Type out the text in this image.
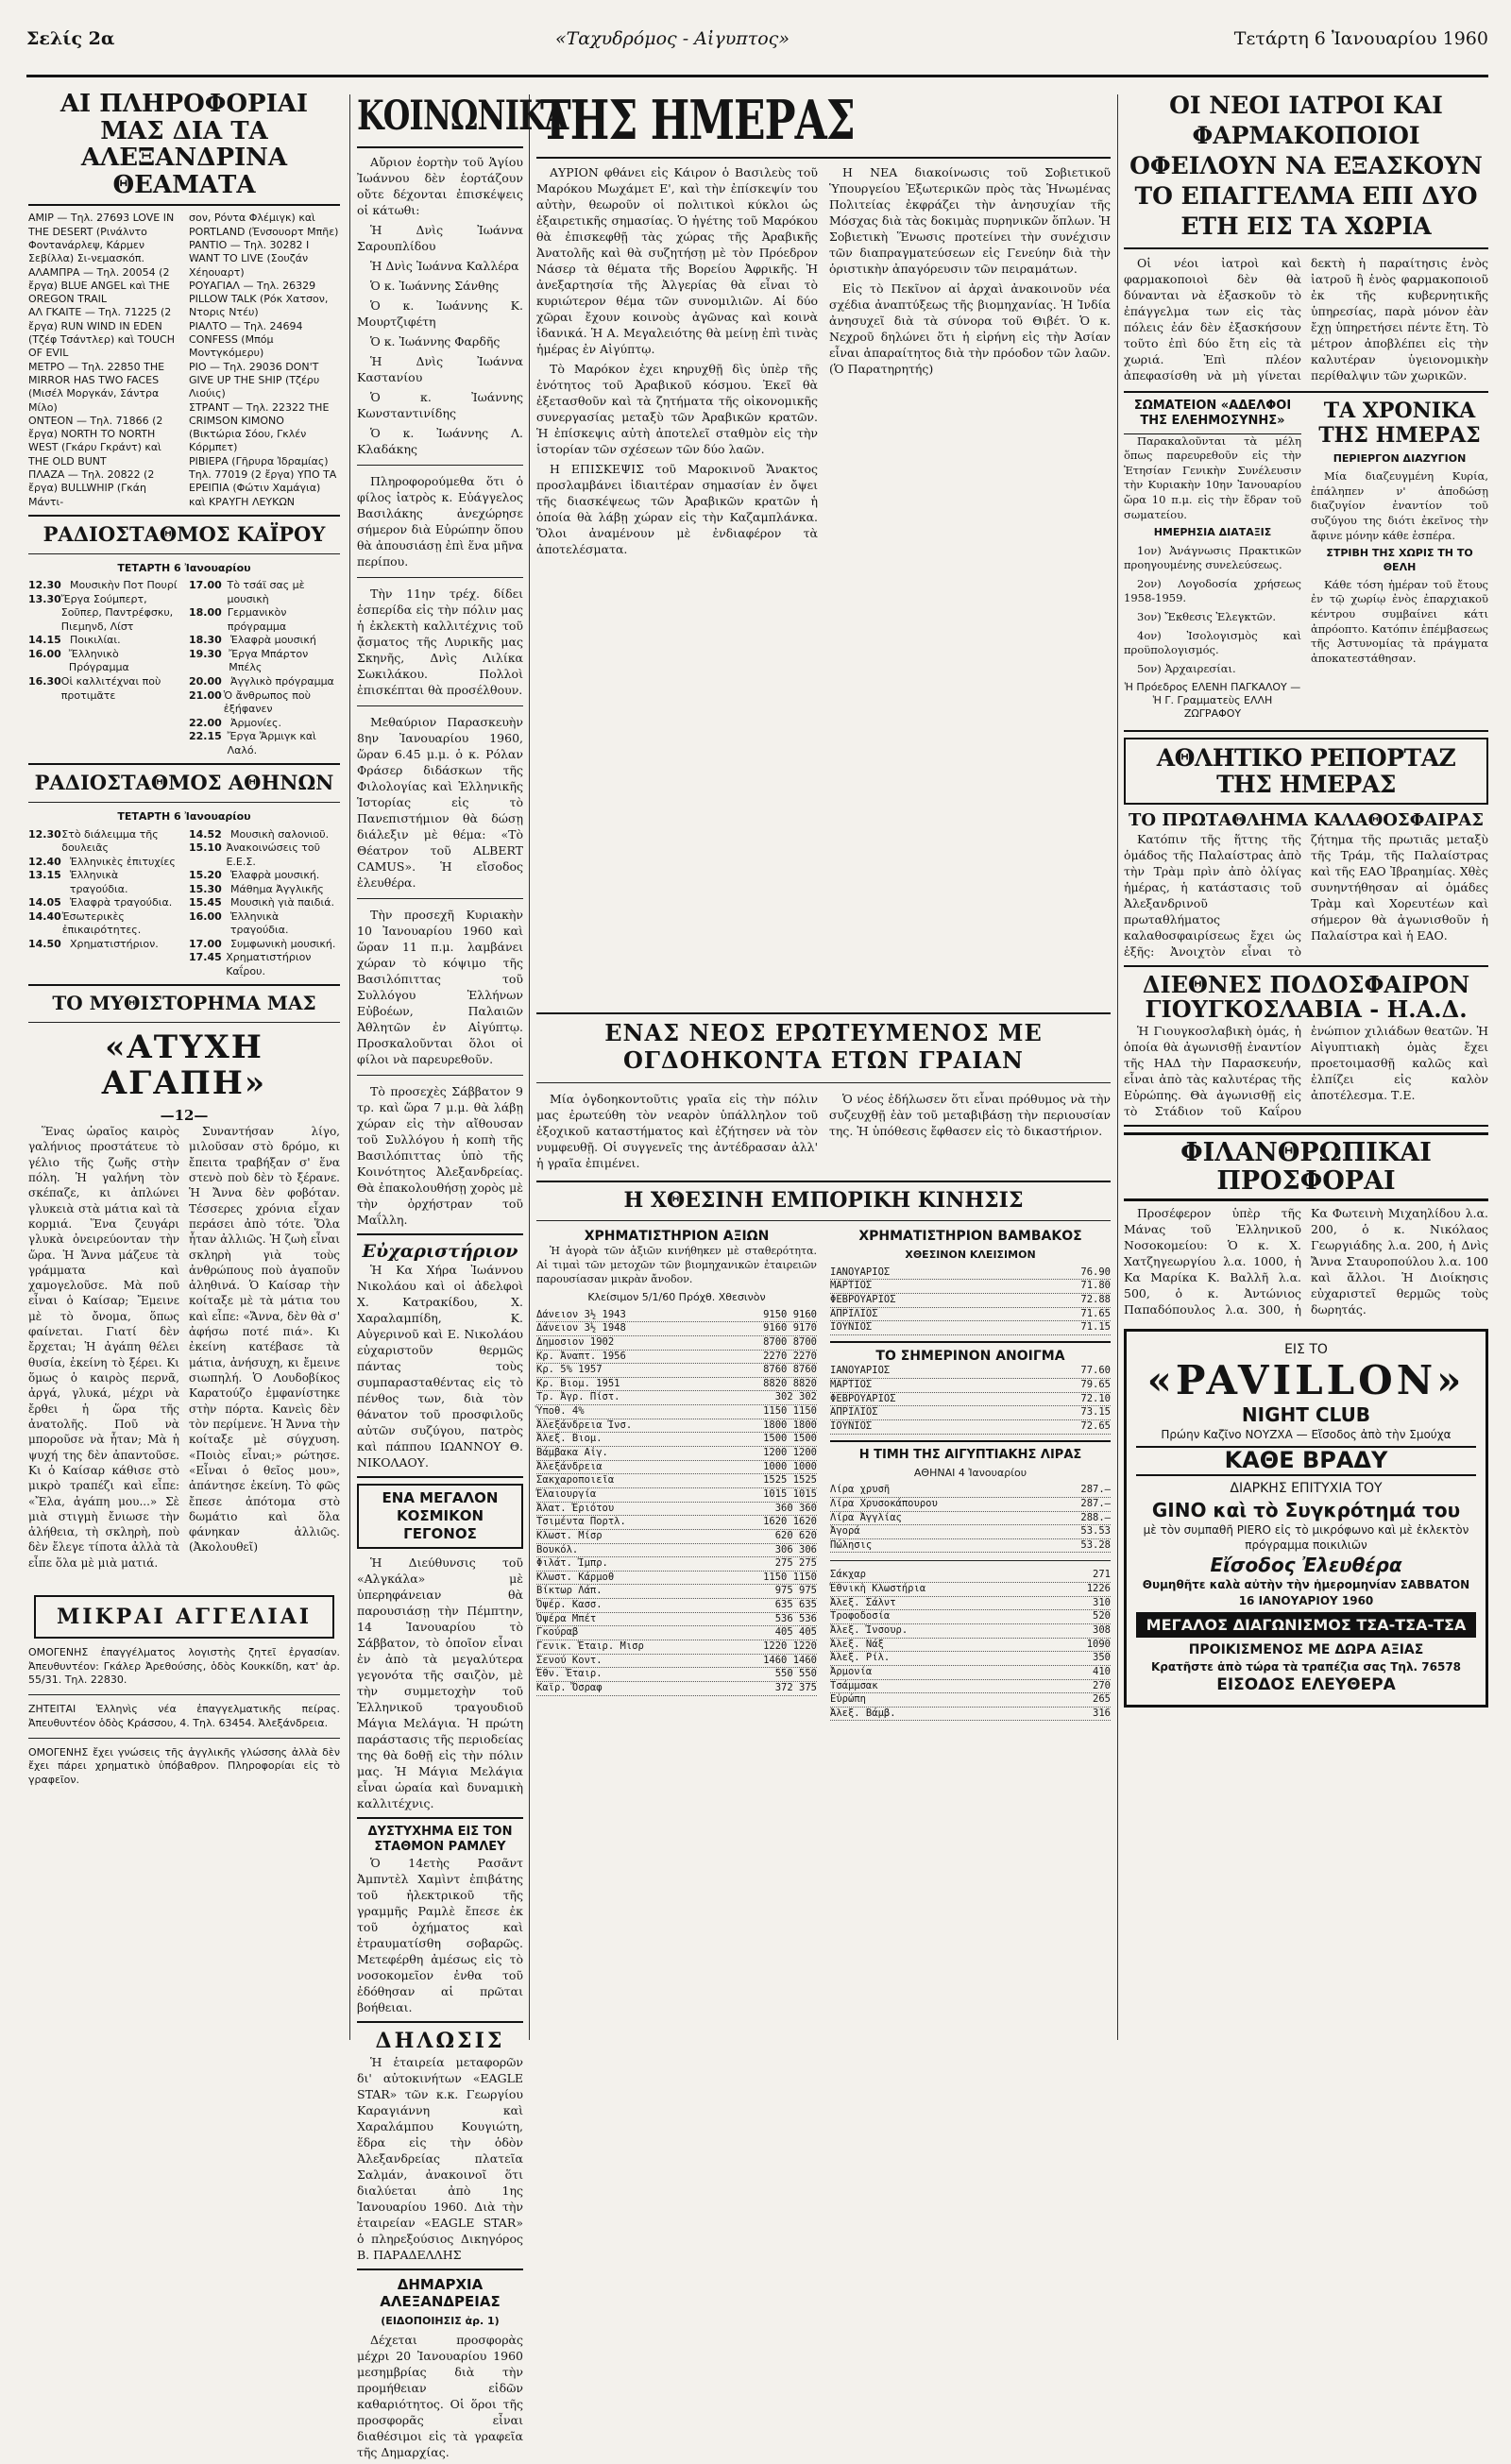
Σελίς 2α	«Ταχυδρόμος - Αἰγυπτος»	Τετάρτη 6 Ἰανουαρίου 1960
ΑΙ ΠΛΗΡΟΦΟΡΙΑΙ ΜΑΣ ΔΙΑ ΤΑ ΑΛΕΞΑΝΔΡΙΝΑ ΘΕΑΜΑΤΑ

ΑΜΙΡ — Τηλ. 27693 LOVE IN THE DESERT (Ρινάλντο Φοντανάρλεψ, Κάρμεν Σεβίλλα) Σι-νεμασκόπ.

ΑΛΑΜΠΡΑ — Τηλ. 20054 (2 ἔργα) BLUE ANGEL καὶ THE OREGON TRAIL

ΑΛ ΓΚΑΙΤΕ — Τηλ. 71225 (2 ἔργα) RUN WIND IN EDEN (Τζέφ Τσάντλερ) καὶ TOUCH OF EVIL

ΜΕΤΡΟ — Τηλ. 22850 THE MIRROR HAS TWO FACES (Μισέλ Μοργκάν, Σάντρα Μίλο)

ΟΝΤΕΟΝ — Τηλ. 71866 (2 ἔργα) NORTH TO NORTH WEST (Γκάρυ Γκράντ) καὶ THE OLD BUNT

ΠΛΑΖΑ — Τηλ. 20822 (2 ἔργα) BULLWHIP (Γκάη Μάντι-

σον, Ρόντα Φλέμιγκ) καὶ PORTLAND (Ἐνσουορτ Μπῆε)

PANTIO — Τηλ. 30282 I WANT TO LIVE (Σουζάν Χέηουαρτ)

ΡΟΥΑΓΙΑΛ — Τηλ. 26329 PILLOW TALK (Ρόκ Χατσον, Ντορις Ντέυ)

ΡΙΑΛΤΟ — Τηλ. 24694 CONFESS (Μπόμ Μοντγκόμερυ)

ΡΙΟ — Τηλ. 29036 DON'T GIVE UP THE SHIP (Τζέρυ Λιούις)

ΣΤΡΑΝΤ — Τηλ. 22322 THE CRIMSON KIMONO (Βικτώρια Σόου, Γκλέν Κόρμπετ)

ΡΙΒΙΕΡΑ (Γῆρυρα Ἰδραμίας) Τηλ. 77019 (2 ἔργα) ΥΠΟ ΤΑ ΕΡΕΙΠΙΑ (Φώτιν Χαμάγια) καὶ ΚΡΑΥΓΗ ΛΕΥΚΩΝ

ΡΑΔΙΟΣΤΑΘΜΟΣ ΚΑΪΡΟΥ
ΤΕΤΑΡΤΗ 6 Ἰανουαρίου
12.30 Μουσικὴν Ποτ Πουρί
13.30 Ἔργα Σούμπερτ, Σοῦπερ, Παντρέφσκυ, Πιεμηνδ, Λίστ
14.15 Ποικιλίαι.
16.00 Ἔλληνικὸ Πρόγραμμα
16.30 Οἱ καλλιτέχναι ποὺ προτιμᾶτε
17.00 Τὸ τσάϊ σας μὲ μουσικὴ
18.00 Γερμανικὸν πρόγραμμα
18.30 Ἑλαφρὰ μουσική
19.30 Ἔργα Μπάρτον Μπέλς
20.00 Ἀγγλικὸ πρόγραμμα
21.00 Ὁ ἄνθρωπος ποὺ ἐξήφανεν
22.00 Ἀρμονίες.
22.15 Ἔργα Ἄρμιγκ καὶ Λαλό.
ΡΑΔΙΟΣΤΑΘΜΟΣ ΑΘΗΝΩΝ
ΤΕΤΑΡΤΗ 6 Ἰανουαρίου
12.30 Στὸ διάλειμμα τῆς δουλειᾶς
12.40 Ἐλληνικὲς ἐπιτυχίες
13.15 Ἑλληνικὰ τραγούδια.
14.05 Ἑλαφρὰ τραγούδια.
14.40 Ἐσωτερικὲς ἐπικαιρότητες.
14.50 Χρηματιστήριον.
14.52 Μουσικὴ σαλονιοῦ.
15.10 Ἀνακοινώσεις τοῦ Ε.Ε.Σ.
15.20 Ἑλαφρὰ μουσική.
15.30 Μάθημα Ἀγγλικῆς
15.45 Μουσικὴ γιὰ παιδιά.
16.00 Ἑλληνικὰ τραγούδια.
17.00 Συμφωνικὴ μουσική.
17.45 Χρηματιστήριον Καΐρου.
ΤΟ ΜΥΘΙΣΤΟΡΗΜΑ ΜΑΣ
«ΑΤΥΧΗ ΑΓΑΠΗ»
—12—

Ἕνας ὡραῖος καιρὸς γαλήνιος προστάτευε τὸ γέλιο τῆς ζωῆς στὴν πόλη. Ἡ γαλήνη τὸν σκέπαζε, κι ἀπλώνει γλυκειὰ στὰ μάτια καὶ τὰ κορμιά. Ἕνα ζευγάρι γλυκὰ ὀνειρεύονταν τὴν ὥρα. Ἡ Ἄννα μάζευε τὰ γράμματα καὶ χαμογελοῦσε. Μὰ ποῦ εἶναι ὁ Καίσαρ; Ἔμεινε μὲ τὸ ὄνομα, ὅπως φαίνεται. Γιατί δὲν ἔρχεται; Ἡ ἀγάπη θέλει θυσία, ἐκείνη τὸ ξέρει. Κι ὅμως ὁ καιρὸς περνᾶ, ἀργά, γλυκά, μέχρι νὰ ἔρθει ἡ ὥρα τῆς ἀνατολῆς. Ποῦ νὰ μποροῦσε νὰ ἦταν; Μὰ ἡ ψυχή της δὲν ἀπαντοῦσε. Κι ὁ Καίσαρ κάθισε στὸ μικρὸ τραπέζι καὶ εἶπε: «Ἔλα, ἀγάπη μου...» Σὲ μιὰ στιγμὴ ἔνιωσε τὴν ἀλήθεια, τὴ σκληρὴ, ποὺ δὲν ἔλεγε τίποτα ἀλλὰ τὰ εἶπε ὅλα μὲ μιὰ ματιά.

Συναντήσαν λίγο, μιλοῦσαν στὸ δρόμο, κι ἔπειτα τραβήξαν σ' ἕνα στενὸ ποὺ δὲν τὸ ξέρανε. Ἡ Ἄννα δὲν φοβόταν. Τέσσερες χρόνια εἶχαν περάσει ἀπὸ τότε. Ὅλα ἦταν ἀλλιῶς. Ἡ ζωὴ εἶναι σκληρὴ γιὰ τοὺς ἀνθρώπους ποὺ ἀγαποῦν ἀληθινά. Ὁ Καίσαρ τὴν κοίταξε μὲ τὰ μάτια του καὶ εἶπε: «Ἄννα, δὲν θὰ σ' ἀφήσω ποτέ πιά». Κι ἐκείνη κατέβασε τὰ μάτια, ἀνήσυχη, κι ἔμεινε σιωπηλή. Ὁ Λουδοβίκος Καρατούζο ἐμφανίστηκε στὴν πόρτα. Κανεὶς δὲν τὸν περίμενε. Ἡ Ἄννα τὴν κοίταξε μὲ σύγχυση. «Ποιὸς εἶναι;» ρώτησε. «Εἶναι ὁ θεῖος μου», ἀπάντησε ἐκείνη. Τὸ φῶς ἔπεσε ἀπότομα στὸ δωμάτιο καὶ ὅλα φάνηκαν ἀλλιῶς. (Ἀκολουθεῖ)

ΜΙΚΡΑΙ ΑΓΓΕΛΙΑΙ

ΟΜΟΓΕΝΗΣ ἐπαγγέλματος λογιστὴς ζητεῖ ἐργασίαν. Ἀπευθυντέον: Γκάλερ Ἀρεθούσης, ὁδὸς Κουκκίδη, κατ' ἀρ. 55/31. Τηλ. 22830.

ΖΗΤΕΙΤΑΙ Ἑλληνὶς νέα ἐπαγγελματικῆς πείρας. Ἀπευθυντέον ὁδὸς Κράσσου, 4. Τηλ. 63454. Ἀλεξάνδρεια.

ΟΜΟΓΕΝΗΣ ἔχει γνώσεις τῆς ἀγγλικῆς γλώσσης ἀλλὰ δὲν ἔχει πάρει χρηματικὸ ὑπόβαθρον. Πληροφορίαι εἰς τὸ γραφεῖον.

ΚΟΙΝΩΝΙΚΑ

Αὔριον ἑορτὴν τοῦ Ἁγίου Ἰωάννου δὲν ἑορτάζουν οὔτε δέχονται ἐπισκέψεις οἱ κάτωθι:

Ἡ Δνὶς Ἰωάννα Σαρουπλίδου

Ἡ Δνὶς Ἰωάννα Καλλέρα

Ὁ κ. Ἰωάννης Σάνθης

Ὁ κ. Ἰωάννης Κ. Μουρτζιφέτη

Ὁ κ. Ἰωάννης Φαρδῆς

Ἡ Δνὶς Ἰωάννα Καστανίου

Ὁ κ. Ἰωάννης Κωνσταντινίδης

Ὁ κ. Ἰωάννης Λ. Κλαδάκης

Πληροφορούμεθα ὅτι ὁ φίλος ἰατρὸς κ. Εὐάγγελος Βασιλάκης ἀνεχώρησε σήμερον διὰ Εὐρώπην ὅπου θὰ ἀπουσιάσῃ ἐπὶ ἕνα μῆνα περίπου.

Τὴν 11ην τρέχ. δίδει ἑσπερίδα εἰς τὴν πόλιν μας ἡ ἐκλεκτὴ καλλιτέχνις τοῦ ᾄσματος τῆς Λυρικῆς μας Σκηνῆς, Δνὶς Λιλίκα Σωκιλάκου. Πολλοὶ ἐπισκέπται θὰ προσέλθουν.

Μεθαύριον Παρασκευὴν 8ην Ἰανουαρίου 1960, ὥραν 6.45 μ.μ. ὁ κ. Ρόλαν Φράσερ διδάσκων τῆς Φιλολογίας καὶ Ἑλληνικῆς Ἱστορίας εἰς τὸ Πανεπιστήμιον θὰ δώσῃ διάλεξιν μὲ θέμα: «Τὸ Θέατρον τοῦ ALBERT CAMUS». Ἡ εἴσοδος ἐλευθέρα.

Τὴν προσεχῆ Κυριακὴν 10 Ἰανουαρίου 1960 καὶ ὥραν 11 π.μ. λαμβάνει χώραν τὸ κόψιμο τῆς Βασιλόπιττας τοῦ Συλλόγου Ἑλλήνων Εὐβοέων, Παλαιῶν Ἀθλητῶν ἐν Αἰγύπτῳ. Προσκαλοῦνται ὅλοι οἱ φίλοι νὰ παρευρεθοῦν.

Τὸ προσεχὲς Σάββατον 9 τρ. καὶ ὥρα 7 μ.μ. θὰ λάβῃ χώραν εἰς τὴν αἴθουσαν τοῦ Συλλόγου ἡ κοπὴ τῆς Βασιλόπιττας ὑπὸ τῆς Κοινότητος Ἀλεξανδρείας. Θὰ ἐπακολουθήσῃ χορὸς μὲ τὴν ὀρχήστραν τοῦ Μαΐλλη.

Εὐχαριστήριον

Ἡ Κα Χήρα Ἰωάννου Νικολάου καὶ οἱ ἀδελφοὶ Χ. Κατρακίδου, Χ. Χαραλαμπίδη, Κ. Αὐγερινοῦ καὶ Ε. Νικολάου εὐχαριστοῦν θερμῶς πάντας τοὺς συμπαρασταθέντας εἰς τὸ πένθος των, διὰ τὸν θάνατον τοῦ προσφιλοῦς αὐτῶν συζύγου, πατρὸς καὶ πάππου ΙΩΑΝΝΟΥ Θ. ΝΙΚΟΛΑΟΥ.

ΕΝΑ ΜΕΓΑΛΟΝ ΚΟΣΜΙΚΟΝ ΓΕΓΟΝΟΣ

Ἡ Διεύθυνσις τοῦ «Αλγκάλα» μὲ ὑπερηφάνειαν θὰ παρουσιάσῃ τὴν Πέμπτην, 14 Ἰανουαρίου τὸ Σάββατον, τὸ ὁποῖον εἶναι ἐν ἀπὸ τὰ μεγαλύτερα γεγονότα τῆς σαιζὸν, μὲ τὴν συμμετοχὴν τοῦ Ἑλληνικοῦ τραγουδιοῦ Μάγια Μελάγια. Ἡ πρώτη παράστασις τῆς περιοδείας της θὰ δοθῇ εἰς τὴν πόλιν μας. Ἡ Μάγια Μελάγια εἶναι ὡραία καὶ δυναμικὴ καλλιτέχνις.

ΔΥΣΤΥΧΗΜΑ ΕΙΣ ΤΟΝ ΣΤΑΘΜΟΝ ΡΑΜΛΕΥ

Ὁ 14ετὴς Ρασᾶντ Ἀμπντὲλ Χαμὶντ ἐπιβάτης τοῦ ἠλεκτρικοῦ τῆς γραμμῆς Ραμλὲ ἔπεσε ἐκ τοῦ ὀχήματος καὶ ἐτραυματίσθη σοβαρῶς. Μετεφέρθη ἀμέσως εἰς τὸ νοσοκομεῖον ἐνθα τοῦ ἐδόθησαν αἱ πρῶται βοήθειαι.

ΔΗΛΩΣΙΣ

Ἡ ἑταιρεία μεταφορῶν δι' αὐτοκινήτων «EAGLE STAR» τῶν κ.κ. Γεωργίου Καραγιάννη καὶ Χαραλάμπου Κουγιώτη, ἕδρα εἰς τὴν ὁδὸν Ἀλεξανδρείας πλατεῖα Σαλμάν, ἀνακοινοῖ ὅτι διαλύεται ἀπὸ 1ης Ἰανουαρίου 1960. Διὰ τὴν ἑταιρείαν «EAGLE STAR» ὁ πληρεξούσιος Δικηγόρος Β. ΠΑΡΑΔΕΛΛΗΣ

ΔΗΜΑΡΧΙΑ ΑΛΕΞΑΝΔΡΕΙΑΣ
(ΕΙΔΟΠΟΙΗΣΙΣ ἀρ. 1)

Δέχεται προσφορὰς μέχρι 20 Ἰανουαρίου 1960 μεσημβρίας διὰ τὴν προμήθειαν εἰδῶν καθαριότητος. Οἱ ὅροι τῆς προσφορᾶς εἶναι διαθέσιμοι εἰς τὰ γραφεῖα τῆς Δημαρχίας.

ΤΗΣ ΗΜΕΡΑΣ

ΑΥΡΙΟΝ φθάνει εἰς Κάιρον ὁ Βασιλεὺς τοῦ Μαρόκου Μωχάμετ Ε', καὶ τὴν ἐπίσκεψίν του αὐτὴν, θεωροῦν οἱ πολιτικοὶ κύκλοι ὡς ἐξαιρετικῆς σημασίας. Ὁ ἡγέτης τοῦ Μαρόκου θὰ ἐπισκεφθῇ τὰς χώρας τῆς Ἀραβικῆς Ἀνατολῆς καὶ θὰ συζητήσῃ μὲ τὸν Πρόεδρον Νάσερ τὰ θέματα τῆς Βορείου Ἀφρικῆς. Ἡ ἀνεξαρτησία τῆς Ἀλγερίας θὰ εἶναι τὸ κυριώτερον θέμα τῶν συνομιλιῶν. Αἱ δύο χῶραι ἔχουν κοινοὺς ἀγῶνας καὶ κοινὰ ἰδανικά. Ἡ Α. Μεγαλειότης θὰ μείνῃ ἐπὶ τινὰς ἡμέρας ἐν Αἰγύπτῳ.

Τὸ Μαρόκον ἐχει κηρυχθῇ δὶς ὑπὲρ τῆς ἑνότητος τοῦ Ἀραβικοῦ κόσμου. Ἐκεῖ θὰ ἐξετασθοῦν καὶ τὰ ζητήματα τῆς οἰκονομικῆς συνεργασίας μεταξὺ τῶν Ἀραβικῶν κρατῶν. Ἡ ἐπίσκεψις αὐτὴ ἀποτελεῖ σταθμὸν εἰς τὴν ἱστορίαν τῶν σχέσεων τῶν δύο λαῶν.

Η ΕΠΙΣΚΕΨΙΣ τοῦ Μαροκινοῦ Ἄνακτος προσλαμβάνει ἰδιαιτέραν σημασίαν ἐν ὄψει τῆς διασκέψεως τῶν Ἀραβικῶν κρατῶν ἡ ὁποία θὰ λάβῃ χώραν εἰς τὴν Καζαμπλάνκα. Ὅλοι ἀναμένουν μὲ ἐνδιαφέρον τὰ ἀποτελέσματα.

Η ΝΕΑ διακοίνωσις τοῦ Σοβιετικοῦ Ὑπουργείου Ἐξωτερικῶν πρὸς τὰς Ἡνωμένας Πολιτείας ἐκφράζει τὴν ἀνησυχίαν τῆς Μόσχας διὰ τὰς δοκιμὰς πυρηνικῶν ὅπλων. Ἡ Σοβιετικὴ Ἕνωσις προτείνει τὴν συνέχισιν τῶν διαπραγματεύσεων εἰς Γενεύην διὰ τὴν ὁριστικὴν ἀπαγόρευσιν τῶν πειραμάτων.

Εἰς τὸ Πεκῖνον αἱ ἀρχαὶ ἀνακοινοῦν νέα σχέδια ἀναπτύξεως τῆς βιομηχανίας. Ἡ Ἰνδία ἀνησυχεῖ διὰ τὰ σύνορα τοῦ Θιβέτ. Ὁ κ. Νεχροῦ δηλώνει ὅτι ἡ εἰρήνη εἰς τὴν Ἀσίαν εἶναι ἀπαραίτητος διὰ τὴν πρόοδον τῶν λαῶν. (Ὁ Παρατηρητής)

ΕΝΑΣ ΝΕΟΣ ΕΡΩΤΕΥΜΕΝΟΣ ΜΕ ΟΓΔΟΗΚΟΝΤΑ ΕΤΩΝ ΓΡΑΙΑΝ

Μία ὀγδοηκοντοῦτις γραῖα εἰς τὴν πόλιν μας ἐρωτεύθη τὸν νεαρὸν ὑπάλληλον τοῦ ἐξοχικοῦ καταστήματος καὶ ἐζήτησεν νὰ τὸν νυμφευθῇ. Οἱ συγγενεῖς της ἀντέδρασαν ἀλλ' ἡ γραῖα ἐπιμένει.

Ὁ νέος ἐδήλωσεν ὅτι εἶναι πρόθυμος νὰ τὴν συζευχθῇ ἐὰν τοῦ μεταβιβάσῃ τὴν περιουσίαν της. Ἡ ὑπόθεσις ἔφθασεν εἰς τὸ δικαστήριον.

Η ΧΘΕΣΙΝΗ ΕΜΠΟΡΙΚΗ ΚΙΝΗΣΙΣ
ΧΡΗΜΑΤΙΣΤΗΡΙΟΝ ΑΞΙΩΝ

Ἡ ἀγορὰ τῶν ἀξιῶν κινήθηκεν μὲ σταθερότητα. Αἱ τιμαὶ τῶν μετοχῶν τῶν βιομηχανικῶν ἐταιρειῶν παρουσίασαν μικρὰν ἄνοδον.

Κλείσιμον 5/1/60 Πρόχθ. Χθεσινὸν
Δάνειον 3½ 1943	9150 9160
Δάνειον 3½ 1948	9160 9170
Δημοσιον 1902	8700 8700
Κρ. Ἀναπτ. 1956	2270 2270
Κρ. 5% 1957	8760 8760
Κρ. Βιομ. 1951	8820 8820
Τρ. Ἀγρ. Πίστ.	302 302
Ὑποθ. 4%	1150 1150
Ἀλεξάνδρεια Ἰνσ.	1800 1800
Ἀλεξ. Βιομ.	1500 1500
Βάμβακα Αἰγ.	1200 1200
Ἀλεξάνδρεια	1000 1000
Σακχαροποιεῖα	1525 1525
Ἐλαιουργία	1015 1015
Ἀλατ. Ἐριότου	360 360
Τσιμέντα Πορτλ.	1620 1620
Κλωστ. Μίσρ	620 620
Βουκόλ.	306 306
Φιλάτ. Ἰμπρ.	275 275
Κλωστ. Κάρμοθ	1150 1150
Βίκτωρ Λάπ.	975 975
Ὀψέρ. Κασσ.	635 635
Ὀψέρα Μπέτ	536 536
Γκούραβ	405 405
Γενικ. Ἐταιρ. Μισρ	1220 1220
Σενού Κοντ.	1460 1460
Ἐθν. Ἐταιρ.	550 550
Καϊρ. Ὄσραφ	372 375
ΧΡΗΜΑΤΙΣΤΗΡΙΟΝ ΒΑΜΒΑΚΟΣ
ΧΘΕΣΙΝΟΝ ΚΛΕΙΣΙΜΟΝ
ΙΑΝΟΥΑΡΙΟΣ	76.90
ΜΑΡΤΙΟΣ	71.80
ΦΕΒΡΟΥΑΡΙΟΣ	72.88
ΑΠΡΙΛΙΟΣ	71.65
ΙΟΥΝΙΟΣ	71.15
ΤΟ ΣΗΜΕΡΙΝΟΝ ΑΝΟΙΓΜΑ
ΙΑΝΟΥΑΡΙΟΣ	77.60
ΜΑΡΤΙΟΣ	79.65
ΦΕΒΡΟΥΑΡΙΟΣ	72.10
ΑΠΡΙΛΙΟΣ	73.15
ΙΟΥΝΙΟΣ	72.65
Η ΤΙΜΗ ΤΗΣ ΑΙΓΥΠΤΙΑΚΗΣ ΛΙΡΑΣ
ΑΘΗΝΑΙ 4 Ἰανουαρίου
Λίρα χρυσῆ	287.—
Λίρα Χρυσοκάπουρου	287.—
Λίρα Ἀγγλίας	288.—
Ἀγορά	53.53
Πώλησις	53.28
Σάκχαρ	271
Ἐθνικὴ Κλωστήρια	1226
Ἀλεξ. Σάλντ	310
Τροφοδοσία	520
Ἀλεξ. Ἰνσουρ.	308
Ἀλεξ. Νάξ	1090
Ἀλεξ. Ρίλ.	350
Ἀρμονία	410
Τσάμμσακ	270
Εὐρώπη	265
Ἀλεξ. Βάμβ.	316
ΟΙ ΝΕΟΙ ΙΑΤΡΟΙ ΚΑΙ ΦΑΡΜΑΚΟΠΟΙΟΙ ΟΦΕΙΛΟΥΝ ΝΑ ΕΞΑΣΚΟΥΝ ΤΟ ΕΠΑΓΓΕΛΜΑ ΕΠΙ ΔΥΟ ΕΤΗ ΕΙΣ ΤΑ ΧΩΡΙΑ

Οἱ νέοι ἰατροὶ καὶ φαρμακοποιοὶ δὲν θὰ δύνανται νὰ ἐξασκοῦν τὸ ἐπάγγελμα των εἰς τὰς πόλεις ἐάν δὲν ἐξασκήσουν τοῦτο ἐπὶ δύο ἔτη εἰς τὰ χωριά. Ἐπὶ πλέον ἀπεφασίσθη νὰ μὴ γίνεται δεκτὴ ἡ παραίτησις ἑνὸς ἰατροῦ ἢ ἑνὸς φαρμακοποιοῦ ἐκ τῆς κυβερνητικῆς ὑπηρεσίας, παρὰ μόνον ἐὰν ἔχῃ ὑπηρετήσει πέντε ἔτη. Τὸ μέτρον ἀποβλέπει εἰς τὴν καλυτέραν ὑγειονομικὴν περίθαλψιν τῶν χωρικῶν.

ΣΩΜΑΤΕΙΟΝ «ΑΔΕΛΦΟΙ ΤΗΣ ΕΛΕΗΜΟΣΥΝΗΣ»

Παρακαλοῦνται τὰ μέλη ὅπως παρευρεθοῦν εἰς τὴν Ἐτησίαν Γενικὴν Συνέλευσιν τὴν Κυριακὴν 10ην Ἰανουαρίου ὥρα 10 π.μ. εἰς τὴν ἕδραν τοῦ σωματείου.

ΗΜΕΡΗΣΙΑ ΔΙΑΤΑΞΙΣ

1ον) Ἀνάγνωσις Πρακτικῶν προηγουμένης συνελεύσεως.

2ον) Λογοδοσία χρήσεως 1958-1959.

3ον) Ἔκθεσις Ἐλεγκτῶν.

4ον) Ἰσολογισμὸς καὶ προϋπολογισμός.

5ον) Ἀρχαιρεσίαι.

Ἡ Πρόεδρος ΕΛΕΝΗ ΠΑΓΚΑΛΟΥ — Ἡ Γ. Γραμματεὺς ΕΛΛΗ ΖΩΓΡΑΦΟΥ
ΤΑ ΧΡΟΝΙΚΑ ΤΗΣ ΗΜΕΡΑΣ
ΠΕΡΙΕΡΓΟΝ ΔΙΑΖΥΓΙΟΝ

Μία διαζευγμένη Κυρία, ἐπάληπεν ν' ἀποδώσῃ διαζυγίον ἐναντίον τοῦ συζύγου της διότι ἐκεῖνος τὴν ἄφινε μόνην κάθε ἑσπέρα.

ΣΤΡΙΒΗ ΤΗΣ ΧΩΡΙΣ ΤΗ ΤΟ ΘΕΛΗ

Κάθε τόση ἡμέραν τοῦ ἔτους ἐν τῷ χωρίῳ ἐνὸς ἐπαρχιακοῦ κέντρου συμβαίνει κάτι ἀπρόοπτο. Κατόπιν ἐπέμβασεως τῆς Ἀστυνομίας τὰ πράγματα ἀποκατεστάθησαν.

ΑΘΛΗΤΙΚΟ ΡΕΠΟΡΤΑΖ ΤΗΣ ΗΜΕΡΑΣ
ΤΟ ΠΡΩΤΑΘΛΗΜΑ ΚΑΛΑΘΟΣΦΑΙΡΑΣ

Κατόπιν τῆς ἥττης τῆς ὁμάδος τῆς Παλαίστρας ἀπὸ τὴν Τρὰμ πρὶν ἀπὸ ὀλίγας ἡμέρας, ἡ κατάστασις τοῦ Ἀλεξανδρινοῦ πρωταθλήματος καλαθοσφαιρίσεως ἔχει ὡς ἑξῆς: Ἀνοιχτὸν εἶναι τὸ ζήτημα τῆς πρωτιᾶς μεταξὺ τῆς Τράμ, τῆς Παλαίστρας καὶ τῆς ΕΑΟ Ἰβραημίας. Χθὲς συνηντήθησαν αἱ ὁμάδες Τρὰμ καὶ Χορευτέων καὶ σήμερον θὰ ἀγωνισθοῦν ἡ Παλαίστρα καὶ ἡ ΕΑΟ.

ΔΙΕΘΝΕΣ ΠΟΔΟΣΦΑΙΡΟΝ ΓΙΟΥΓΚΟΣΛΑΒΙΑ - Η.Α.Δ.

Ἡ Γιουγκοσλαβικὴ ὁμάς, ἡ ὁποία θὰ ἀγωνισθῇ ἐναντίον τῆς ΗΑΔ τὴν Παρασκευήν, εἶναι ἀπὸ τὰς καλυτέρας τῆς Εὐρώπης. Θὰ ἀγωνισθῇ εἰς τὸ Στάδιον τοῦ Καΐρου ἐνώπιον χιλιάδων θεατῶν. Ἡ Αἰγυπτιακὴ ὁμὰς ἔχει προετοιμασθῇ καλῶς καὶ ἐλπίζει εἰς καλὸν ἀποτέλεσμα. Τ.Ε.

ΦΙΛΑΝΘΡΩΠΙΚΑΙ ΠΡΟΣΦΟΡΑΙ

Προσέφερον ὑπὲρ τῆς Μάνας τοῦ Ἑλληνικοῦ Νοσοκομείου: Ὁ κ. Χ. Χατζηγεωργίου λ.α. 1000, ἡ Κα Μαρίκα Κ. Βαλλῆ λ.α. 500, ὁ κ. Ἀντώνιος Παπαδόπουλος λ.α. 300, ἡ Κα Φωτεινὴ Μιχαηλίδου λ.α. 200, ὁ κ. Νικόλαος Γεωργιάδης λ.α. 200, ἡ Δνὶς Ἄννα Σταυροπούλου λ.α. 100 καὶ ἄλλοι. Ἡ Διοίκησις εὐχαριστεῖ θερμῶς τοὺς δωρητάς.

ΕΙΣ ΤΟ
«PAVILLON»
NIGHT CLUB
Πρώην Καζῖνο ΝΟΥΖΧΑ — Εἴσοδος ἀπὸ τὴν Σμούχα
ΚΑΘΕ ΒΡΑΔΥ
ΔΙΑΡΚΗΣ ΕΠΙΤΥΧΙΑ ΤΟΥ
GINO καὶ τὸ Συγκρότημά του
μὲ τὸν συμπαθῆ PIERO εἰς τὸ μικρόφωνο καὶ μὲ ἐκλεκτὸν πρόγραμμα ποικιλιῶν
Εἴσοδος Ἐλευθέρα
Θυμηθῆτε καλὰ αὐτὴν τὴν ἡμερομηνίαν ΣΑΒΒΑΤΟΝ 16 ΙΑΝΟΥΑΡΙΟΥ 1960
ΜΕΓΑΛΟΣ ΔΙΑΓΩΝΙΣΜΟΣ ΤΣΑ-ΤΣΑ-ΤΣΑ
ΠΡΟΙΚΙΣΜΕΝΟΣ ΜΕ ΔΩΡΑ ΑΞΙΑΣ
Κρατῆστε ἀπὸ τώρα τὰ τραπέζια σας Τηλ. 76578
ΕΙΣΟΔΟΣ ΕΛΕΥΘΕΡΑ
